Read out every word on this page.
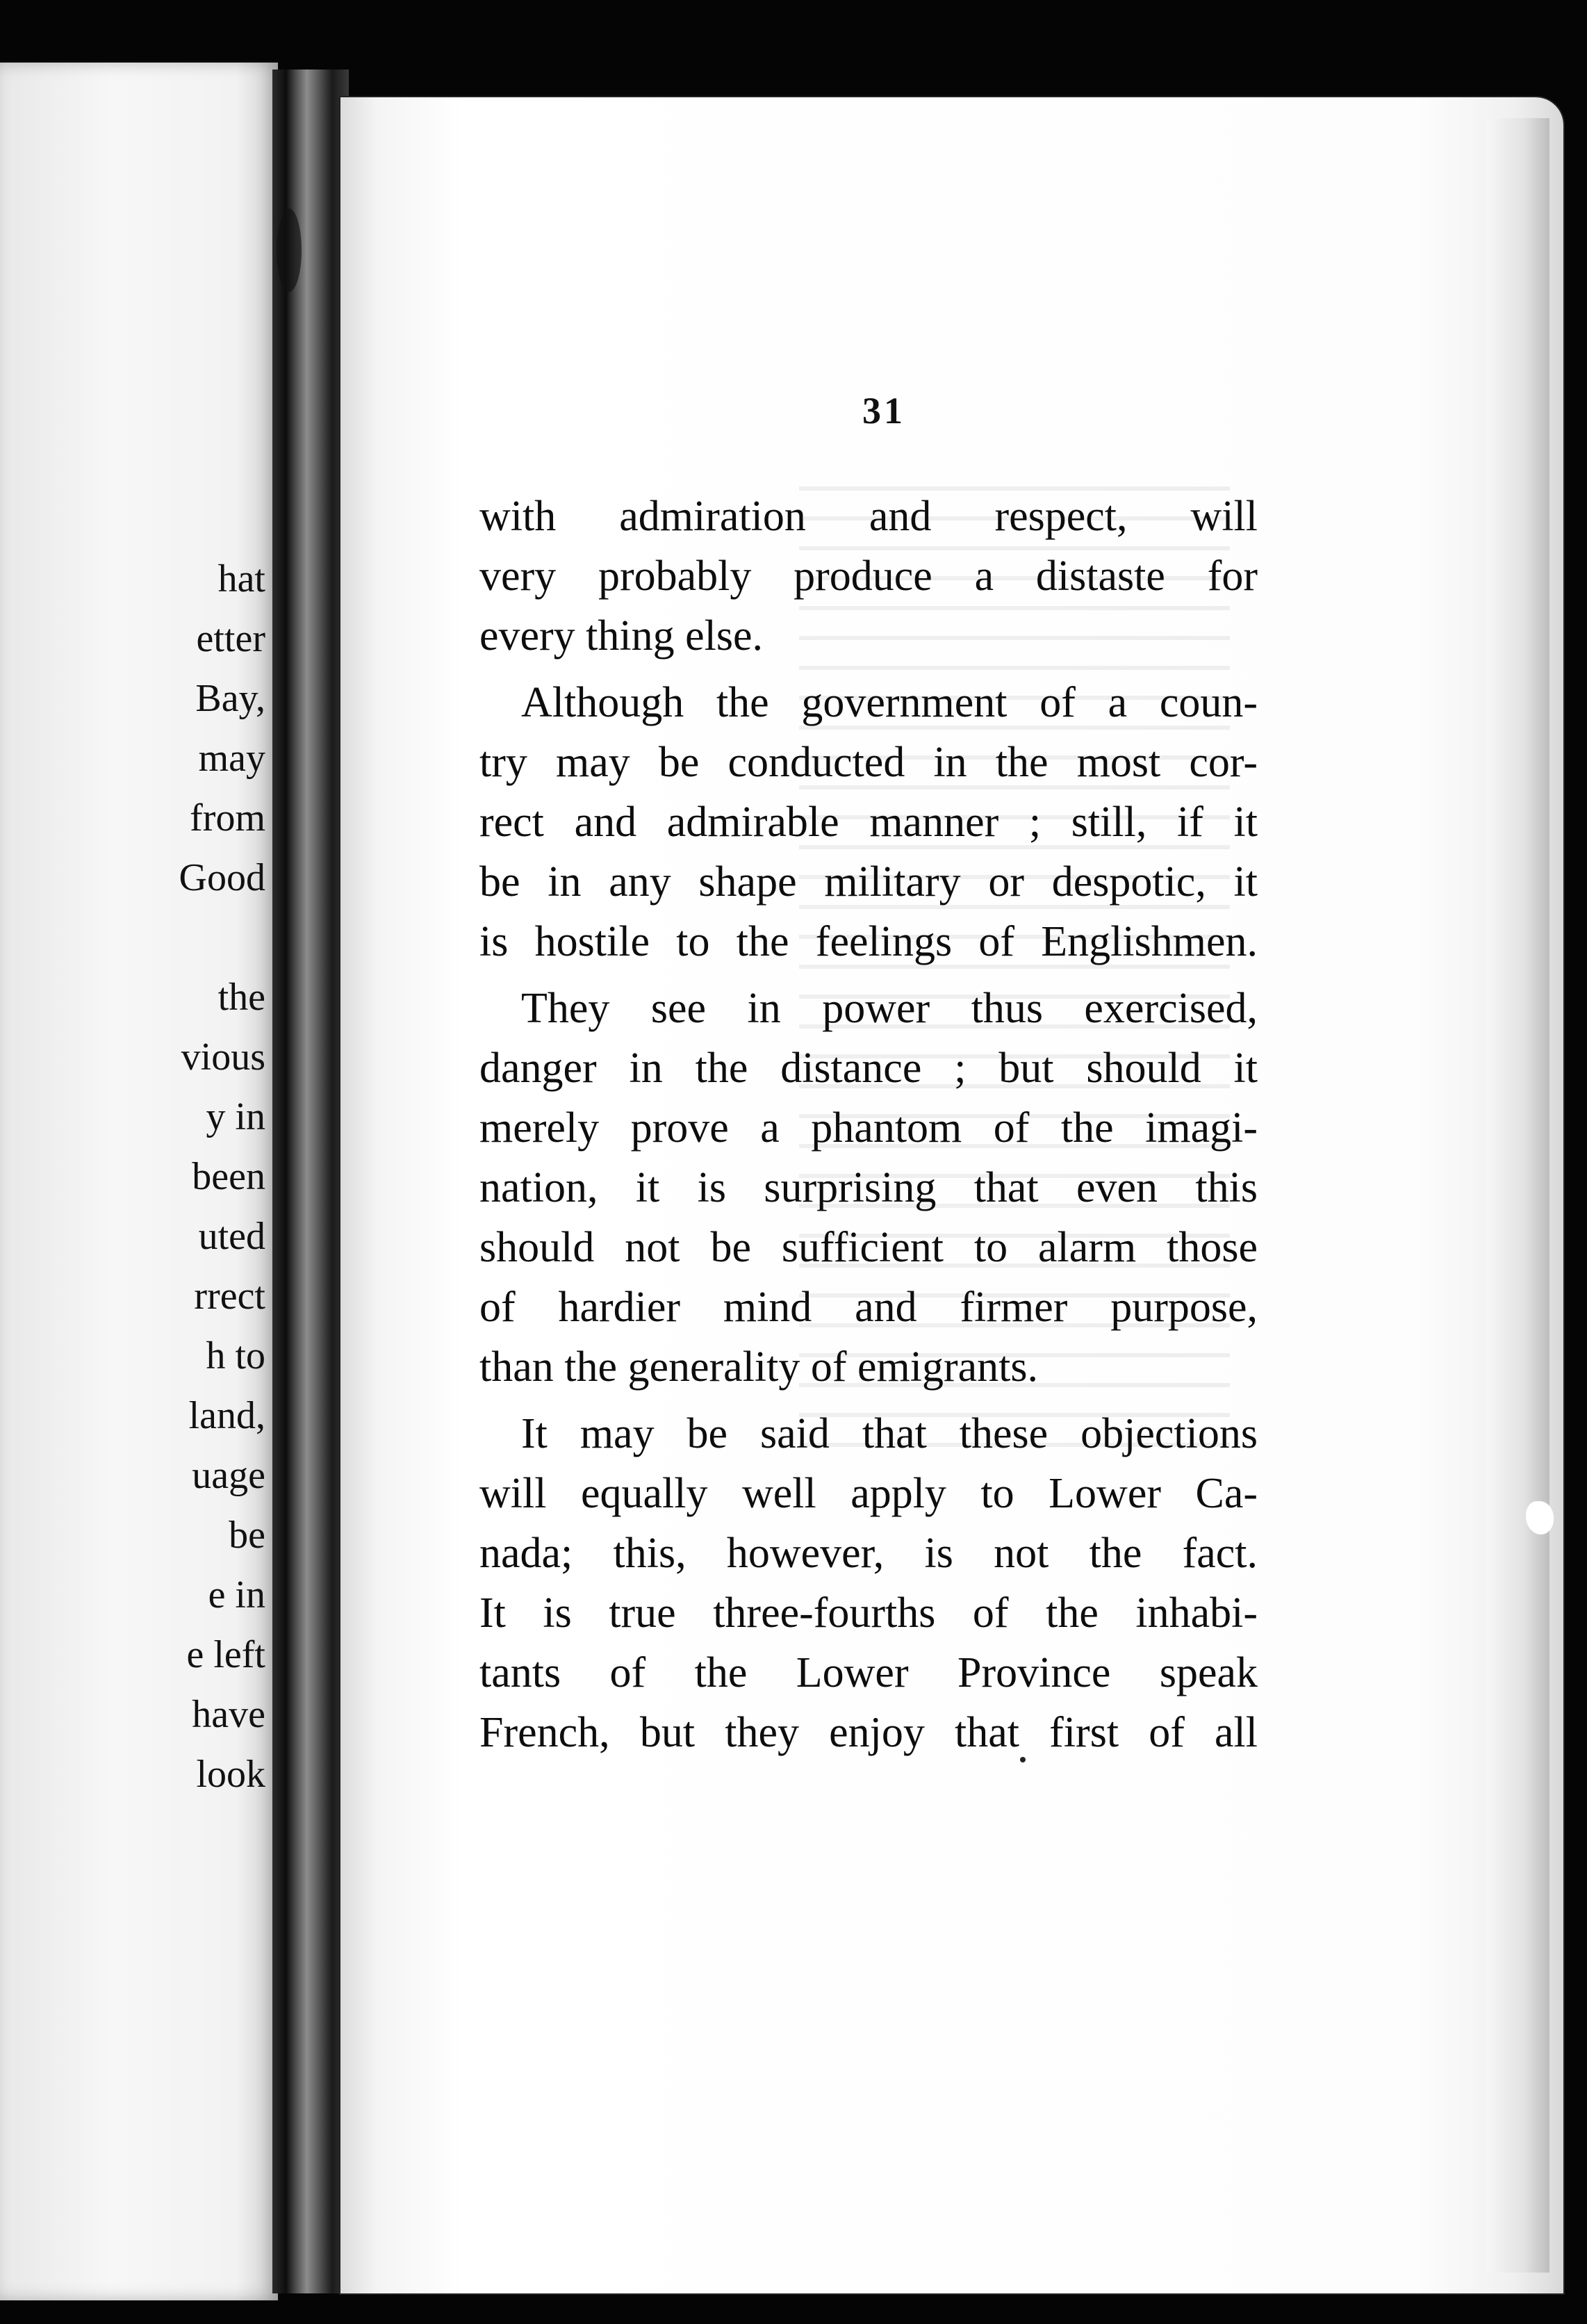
hat
etter
Bay,
may
from
Good
the
vious
y in
been
uted
rrect
h to
land,
uage
be
e in
e left
have
look
31
with admiration and respect, will
very probably produce a distaste for
every thing else.
Although the government of a coun-
try may be conducted in the most cor-
rect and admirable manner ; still, if it
be in any shape military or despotic, it
is hostile to the feelings of Englishmen.
They see in power thus exercised,
danger in the distance ; but should it
merely prove a phantom of the imagi-
nation, it is surprising that even this
should not be sufficient to alarm those
of hardier mind and firmer purpose,
than the generality of emigrants.
It may be said that these objections
will equally well apply to Lower Ca-
nada; this, however, is not the fact.
It is true three-fourths of the inhabi-
tants of the Lower Province speak
French, but they enjoy that first of all
